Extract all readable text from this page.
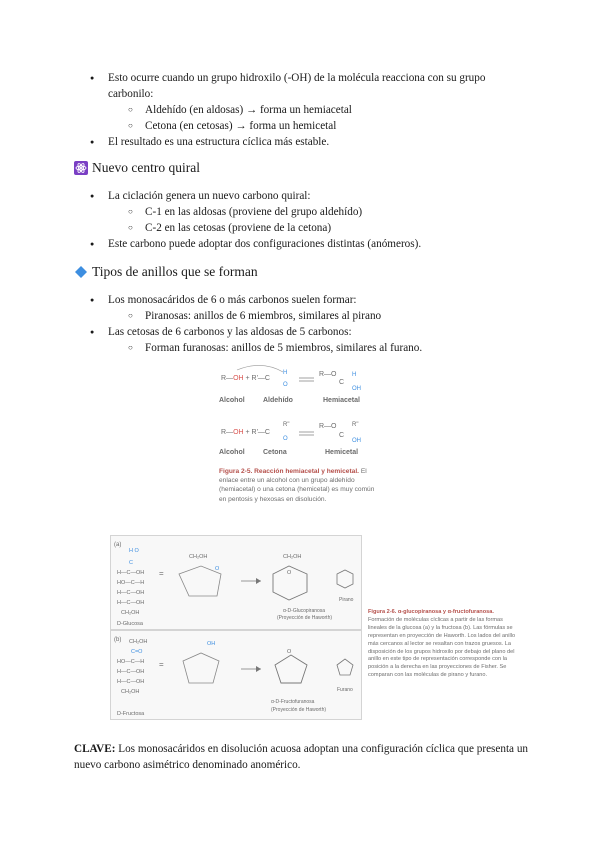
● Esto ocurre cuando un grupo hidroxilo (-OH) de la molécula reacciona con su grupo carbonilo:
○ Aldehído (en aldosas) → forma un hemiacetal
○ Cetona (en cetosas) → forma un hemicetal
● El resultado es una estructura cíclica más estable.
Nuevo centro quiral
● La ciclación genera un nuevo carbono quiral:
○ C-1 en las aldosas (proviene del grupo aldehído)
○ C-2 en las cetosas (proviene de la cetona)
● Este carbono puede adoptar dos configuraciones distintas (anómeros).
Tipos de anillos que se forman
● Los monosacáridos de 6 o más carbonos suelen formar:
○ Piranosas: anillos de 6 miembros, similares al pirano
● Las cetosas de 6 carbonos y las aldosas de 5 carbonos:
○ Forman furanosas: anillos de 5 miembros, similares al furano.
R—OH + R'—C
H
O
R—O
C
H
OH
Alcohol	Aldehído	Hemiacetal
R—OH + R'—C
R"
O
R—O
C
R"
OH
Alcohol	Cetona	Hemicetal
Figura 2-5. Reacción hemiacetal y hemicetal. El enlace entre un alcohol con un grupo aldehído (hemiacetal) o una cetona (hemicetal) es muy común en pentosis y hexosas en disolución.
(a)
H O
C
H—C—OH
HO—C—H
H—C—OH
H—C—OH
CH₂OH
D-Glucosa
=
CH₂OH
O
CH₂OH
O
α-D-Glucopiranosa
(Proyección de Haworth)
Pirano
(b) CH₂OH
C=O
HO—C—H
H—C—OH
H—C—OH
CH₂OH
D-Fructosa
=
OH
O
α-D-Fructofuranosa
(Proyección de Haworth)
Furano
Figura 2-6. α-glucopiranosa y α-fructofuranosa. Formación de moléculas cíclicas a partir de las formas lineales de la glucosa (a) y la fructosa (b). Las fórmulas se representan en proyección de Haworth. Los lados del anillo más cercanos al lector se resaltan con trazos gruesos. La disposición de los grupos hidroxilo por debajo del plano del anillo en este tipo de representación corresponde con la posición a la derecha en las proyecciones de Fisher. Se comparan con las moléculas de pirano y furano.
CLAVE: Los monosacáridos en disolución acuosa adoptan una configuración cíclica que presenta un nuevo carbono asimétrico denominado anomérico.
